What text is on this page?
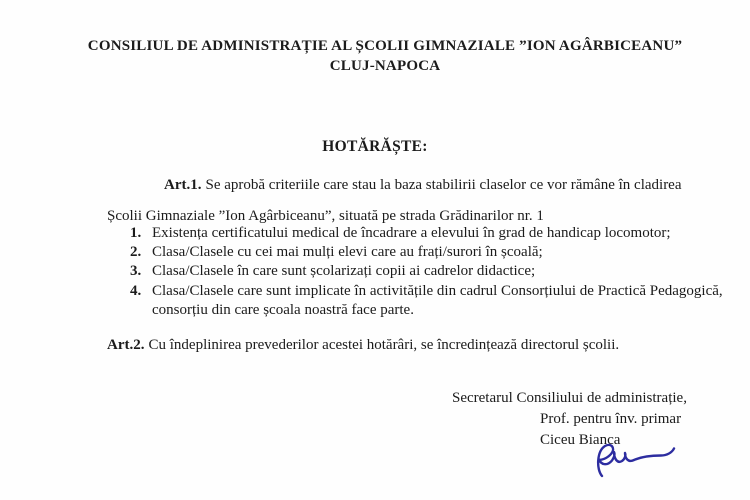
CONSILIUL DE ADMINISTRAȚIE AL ȘCOLII GIMNAZIALE ”ION AGÂRBICEANU”
CLUJ-NAPOCA
HOTĂRĂȘTE:

Art.1. Se aprobă criteriile care stau la baza stabilirii claselor ce vor rămâne în cladirea
Școlii Gimnaziale ”Ion Agârbiceanu”, situată pe strada Grădinarilor nr. 1

1. Existența certificatului medical de încadrare a elevului în grad de handicap locomotor;
2. Clasa/Clasele cu cei mai mulți elevi care au frați/surori în școală;
3. Clasa/Clasele în care sunt școlarizați copii ai cadrelor didactice;
4. Clasa/Clasele care sunt implicate în activitățile din cadrul Consorțiului de Practică Pedagogică,
consorțiu din care școala noastră face parte.

Art.2. Cu îndeplinirea prevederilor acestei hotărâri, se încredințează directorul școlii.

Secretarul Consiliului de administrație,
Prof. pentru înv. primar
Ciceu Bianca
